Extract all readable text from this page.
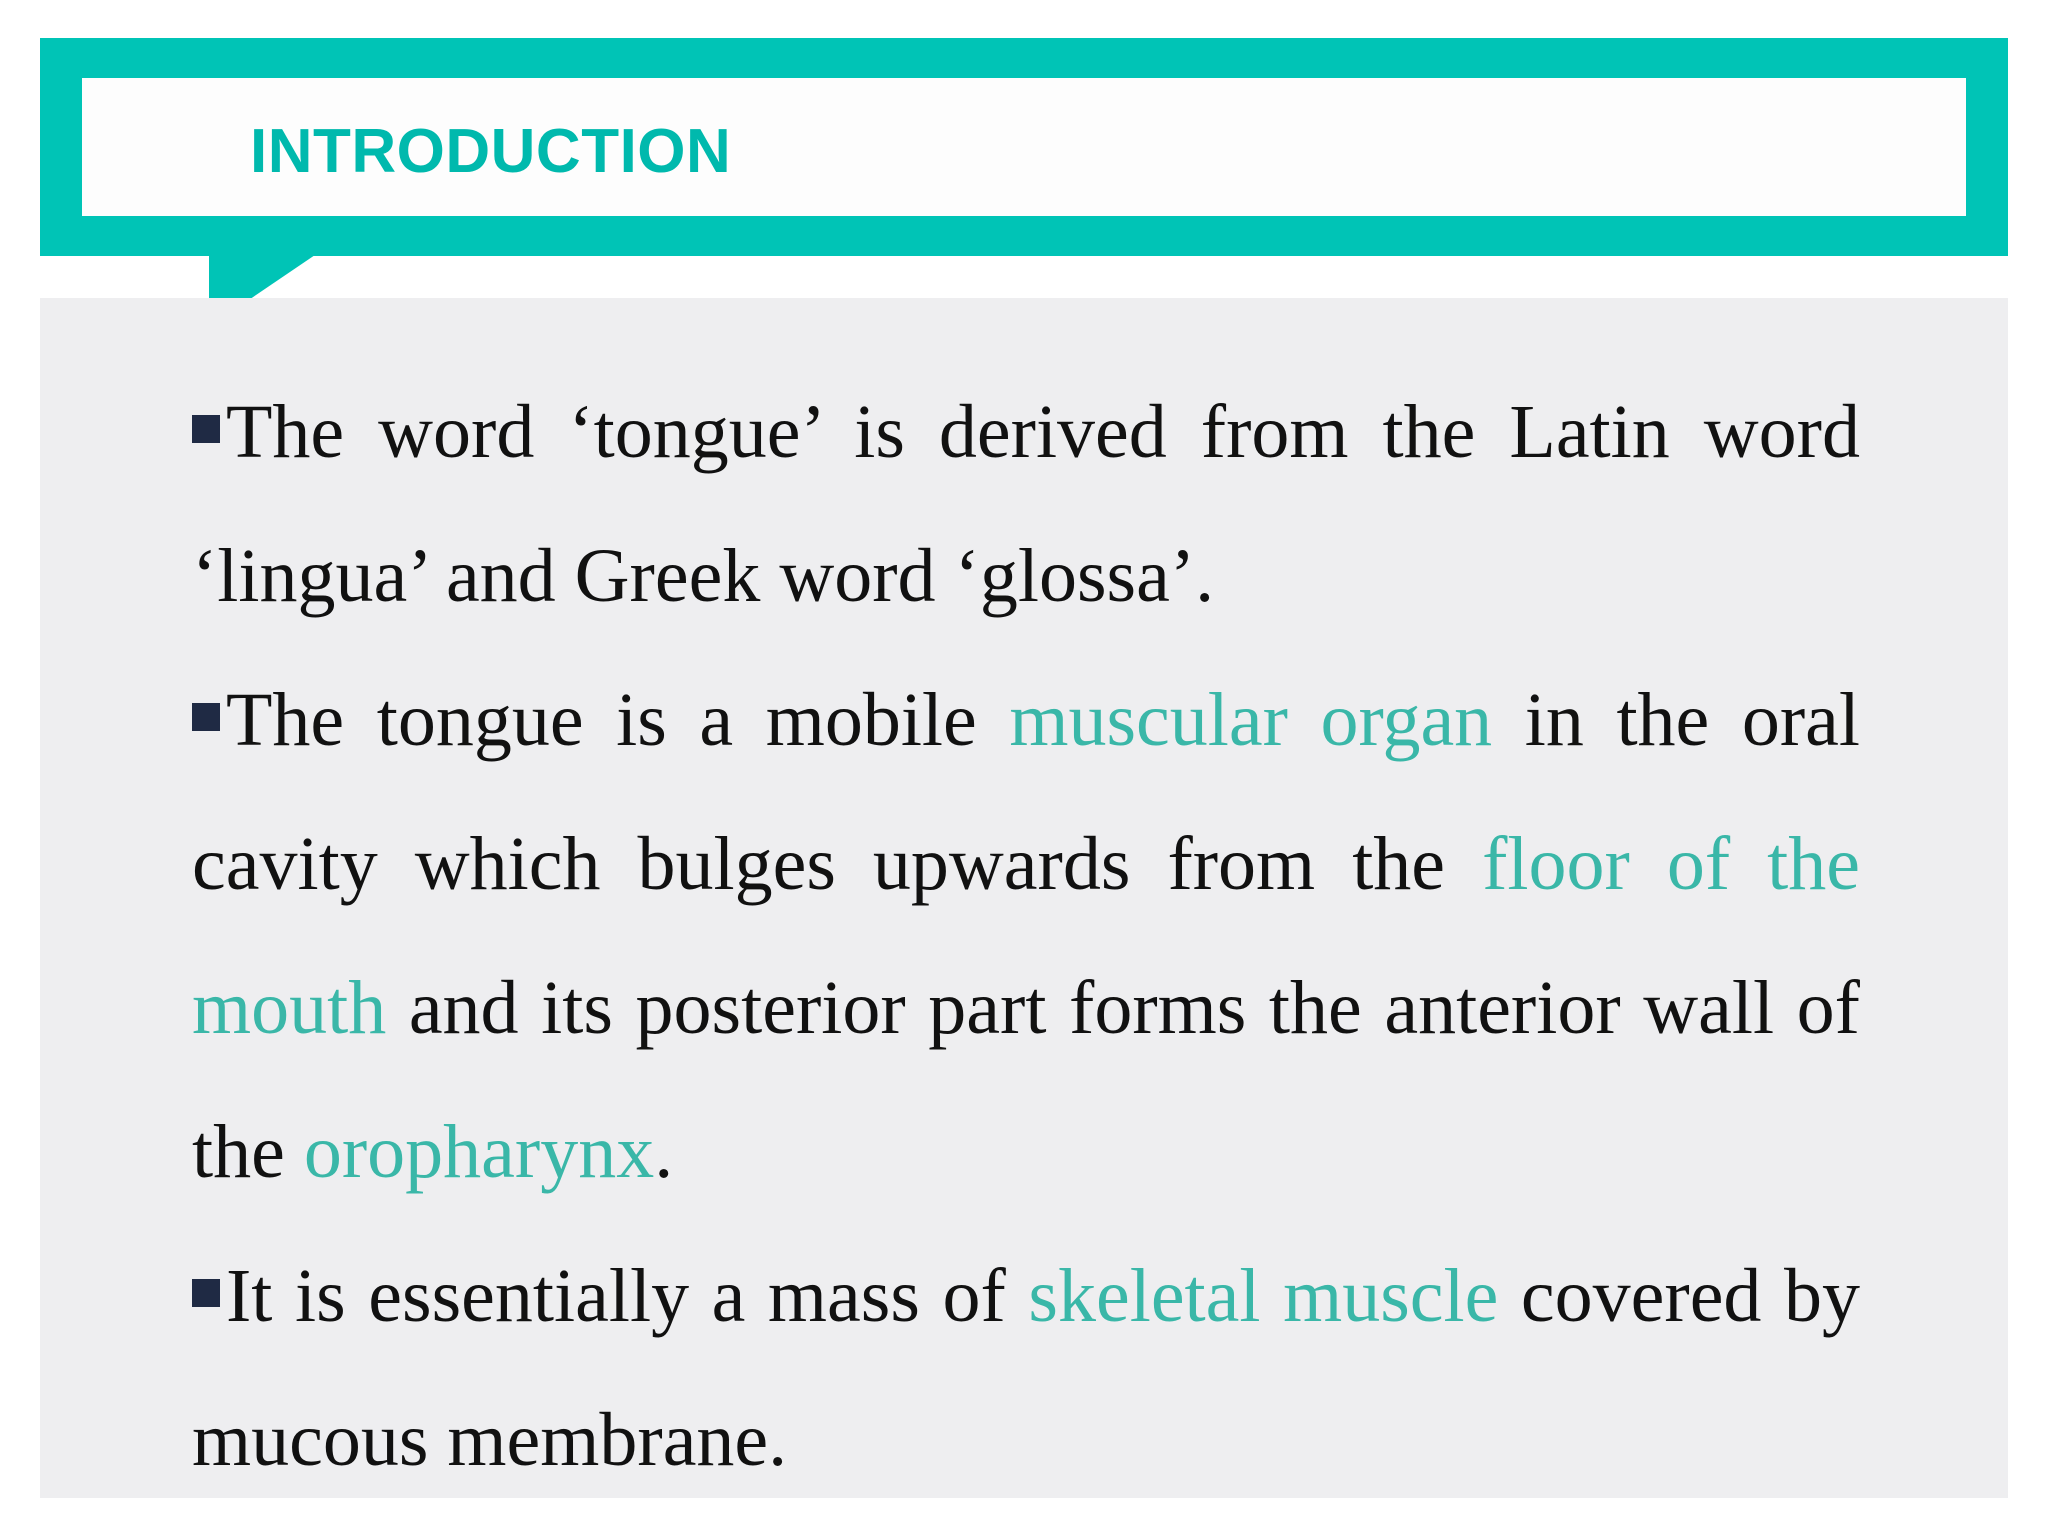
INTRODUCTION

The word ‘tongue’ is derived from the Latin word ‘lingua’ and Greek word ‘glossa’.

The tongue is a mobile muscular organ in the oral cavity which bulges upwards from the floor of the mouth and its posterior part forms the anterior wall of the oropharynx.

It is essentially a mass of skeletal muscle covered by mucous membrane.
